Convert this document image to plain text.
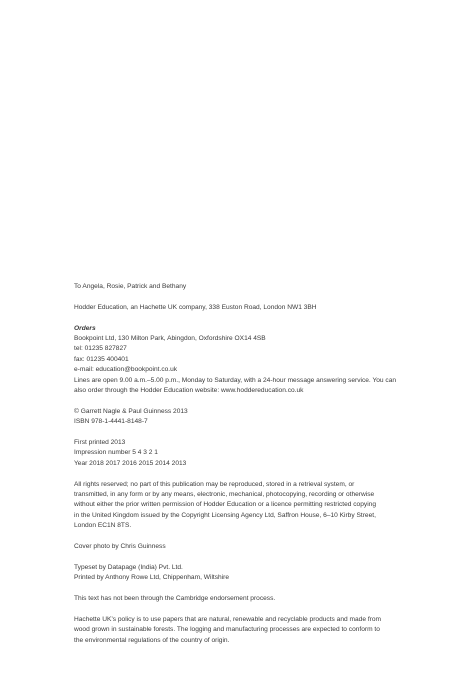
To Angela, Rosie, Patrick and Bethany

Hodder Education, an Hachette UK company, 338 Euston Road, London NW1 3BH

Orders

Bookpoint Ltd, 130 Milton Park, Abingdon, Oxfordshire OX14 4SB

tel: 01235 827827

fax: 01235 400401

e-mail: education@bookpoint.co.uk

Lines are open 9.00 a.m.–5.00 p.m., Monday to Saturday, with a 24-hour message answering service. You can

also order through the Hodder Education website: www.hoddereducation.co.uk

© Garrett Nagle & Paul Guinness 2013

ISBN 978-1-4441-8148-7

First printed 2013

Impression number 5 4 3 2 1

Year 2018 2017 2016 2015 2014 2013

All rights reserved; no part of this publication may be reproduced, stored in a retrieval system, or

transmitted, in any form or by any means, electronic, mechanical, photocopying, recording or otherwise

without either the prior written permission of Hodder Education or a licence permitting restricted copying

in the United Kingdom issued by the Copyright Licensing Agency Ltd, Saffron House, 6–10 Kirby Street,

London EC1N 8TS.

Cover photo by Chris Guinness

Typeset by Datapage (India) Pvt. Ltd.

Printed by Anthony Rowe Ltd, Chippenham, Wiltshire

This text has not been through the Cambridge endorsement process.

Hachette UK’s policy is to use papers that are natural, renewable and recyclable products and made from

wood grown in sustainable forests. The logging and manufacturing processes are expected to conform to

the environmental regulations of the country of origin.
